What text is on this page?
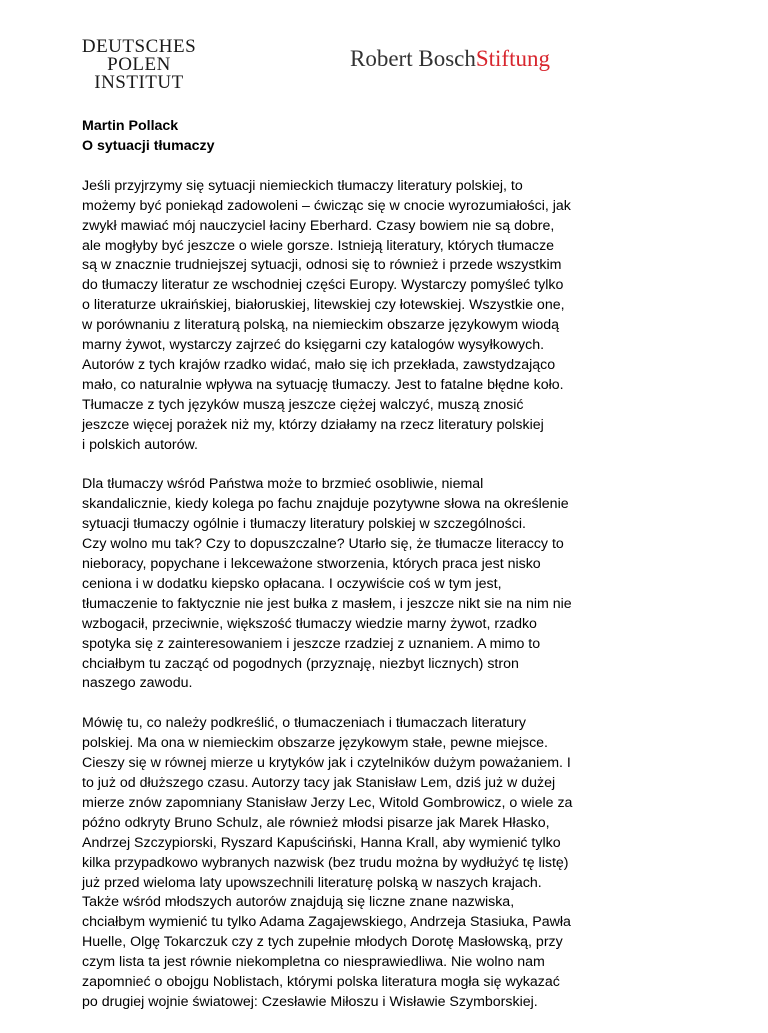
DEUTSCHES
POLEN
INSTITUT
Robert BoschStiftung
Martin Pollack
O sytuacji tłumaczy
Jeśli przyjrzymy się sytuacji niemieckich tłumaczy literatury polskiej, to
możemy być poniekąd zadowoleni – ćwicząc się w cnocie wyrozumiałości, jak
zwykł mawiać mój nauczyciel łaciny Eberhard. Czasy bowiem nie są dobre,
ale mogłyby być jeszcze o wiele gorsze. Istnieją literatury, których tłumacze
są w znacznie trudniejszej sytuacji, odnosi się to również i przede wszystkim
do tłumaczy literatur ze wschodniej części Europy. Wystarczy pomyśleć tylko
o literaturze ukraińskiej, białoruskiej, litewskiej czy łotewskiej. Wszystkie one,
w porównaniu z literaturą polską, na niemieckim obszarze językowym wiodą
marny żywot, wystarczy zajrzeć do księgarni czy katalogów wysyłkowych.
Autorów z tych krajów rzadko widać, mało się ich przekłada, zawstydzająco
mało, co naturalnie wpływa na sytuację tłumaczy. Jest to fatalne błędne koło.
Tłumacze z tych języków muszą jeszcze ciężej walczyć, muszą znosić
jeszcze więcej porażek niż my, którzy działamy na rzecz literatury polskiej
i polskich autorów.
Dla tłumaczy wśród Państwa może to brzmieć osobliwie, niemal
skandalicznie, kiedy kolega po fachu znajduje pozytywne słowa na określenie
sytuacji tłumaczy ogólnie i tłumaczy literatury polskiej w szczególności.
Czy wolno mu tak? Czy to dopuszczalne? Utarło się, że tłumacze literaccy to
nieboracy, popychane i lekceważone stworzenia, których praca jest nisko
ceniona i w dodatku kiepsko opłacana. I oczywiście coś w tym jest,
tłumaczenie to faktycznie nie jest bułka z masłem, i jeszcze nikt sie na nim nie
wzbogacił, przeciwnie, większość tłumaczy wiedzie marny żywot, rzadko
spotyka się z zainteresowaniem i jeszcze rzadziej z uznaniem. A mimo to
chciałbym tu zacząć od pogodnych (przyznaję, niezbyt licznych) stron
naszego zawodu.
Mówię tu, co należy podkreślić, o tłumaczeniach i tłumaczach literatury
polskiej. Ma ona w niemieckim obszarze językowym stałe, pewne miejsce.
Cieszy się w równej mierze u krytyków jak i czytelników dużym poważaniem. I
to już od dłuższego czasu. Autorzy tacy jak Stanisław Lem, dziś już w dużej
mierze znów zapomniany Stanisław Jerzy Lec, Witold Gombrowicz, o wiele za
późno odkryty Bruno Schulz, ale również młodsi pisarze jak Marek Hłasko,
Andrzej Szczypiorski, Ryszard Kapuściński, Hanna Krall, aby wymienić tylko
kilka przypadkowo wybranych nazwisk (bez trudu można by wydłużyć tę listę)
już przed wieloma laty upowszechnili literaturę polską w naszych krajach.
Także wśród młodszych autorów znajdują się liczne znane nazwiska,
chciałbym wymienić tu tylko Adama Zagajewskiego, Andrzeja Stasiuka, Pawła
Huelle, Olgę Tokarczuk czy z tych zupełnie młodych Dorotę Masłowską, przy
czym lista ta jest równie niekompletna co niesprawiedliwa. Nie wolno nam
zapomnieć o obojgu Noblistach, którymi polska literatura mogła się wykazać
po drugiej wojnie światowej: Czesławie Miłoszu i Wisławie Szymborskiej.
